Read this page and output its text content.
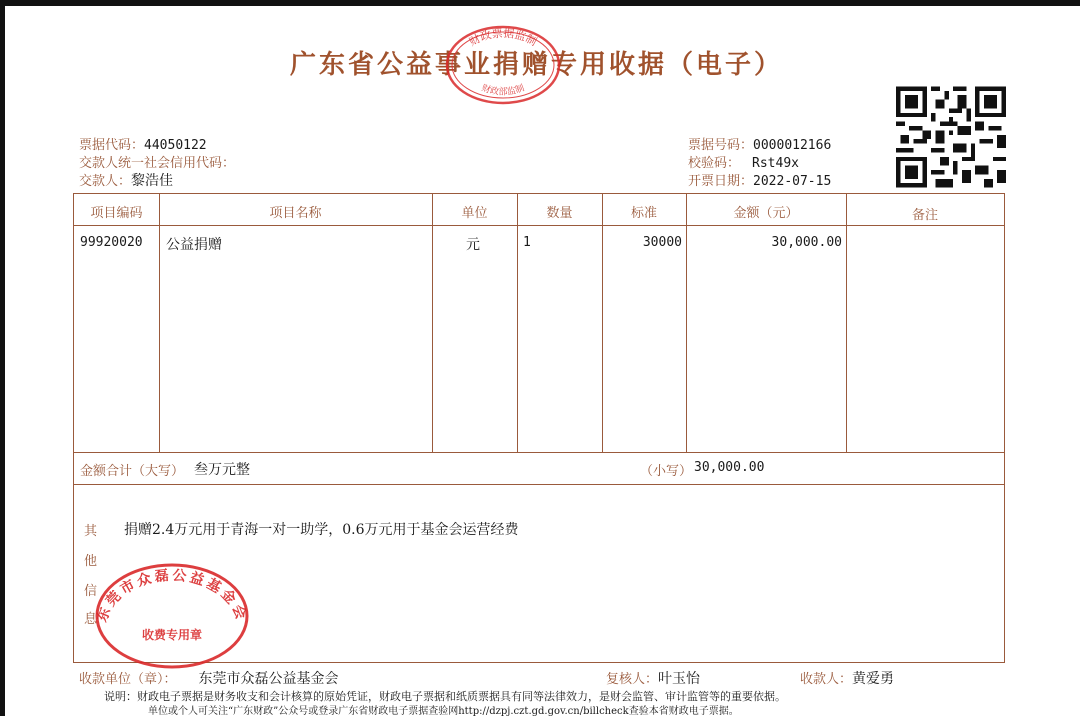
广东省公益事业捐赠专用收据（电子）
财政票据监制
财政部监制
票据代码：44050122
交款人统一社会信用代码：
交款人：黎浩佳
票据号码：0000012166
校验码： Rst49x
开票日期：2022-07-15
项目编码	项目名称	单位	数量	标准	金额（元）	备注
99920020 公益捐赠	元	1	30000	30,000.00
金额合计（大写） 叁万元整	（小写） 30,000.00
其
他
信
息
捐赠2.4万元用于青海一对一助学，0.6万元用于基金会运营经费
东莞市众磊公益基金会
收费专用章
收款单位（章）： 东莞市众磊公益基金会	复核人：叶玉怡	收款人：黄爱勇
说明：财政电子票据是财务收支和会计核算的原始凭证，财政电子票据和纸质票据具有同等法律效力，是财会监管、审计监管等的重要依据。
单位或个人可关注“广东财政”公众号或登录广东省财政电子票据查验网http://dzpj.czt.gd.gov.cn/billcheck查验本省财政电子票据。
